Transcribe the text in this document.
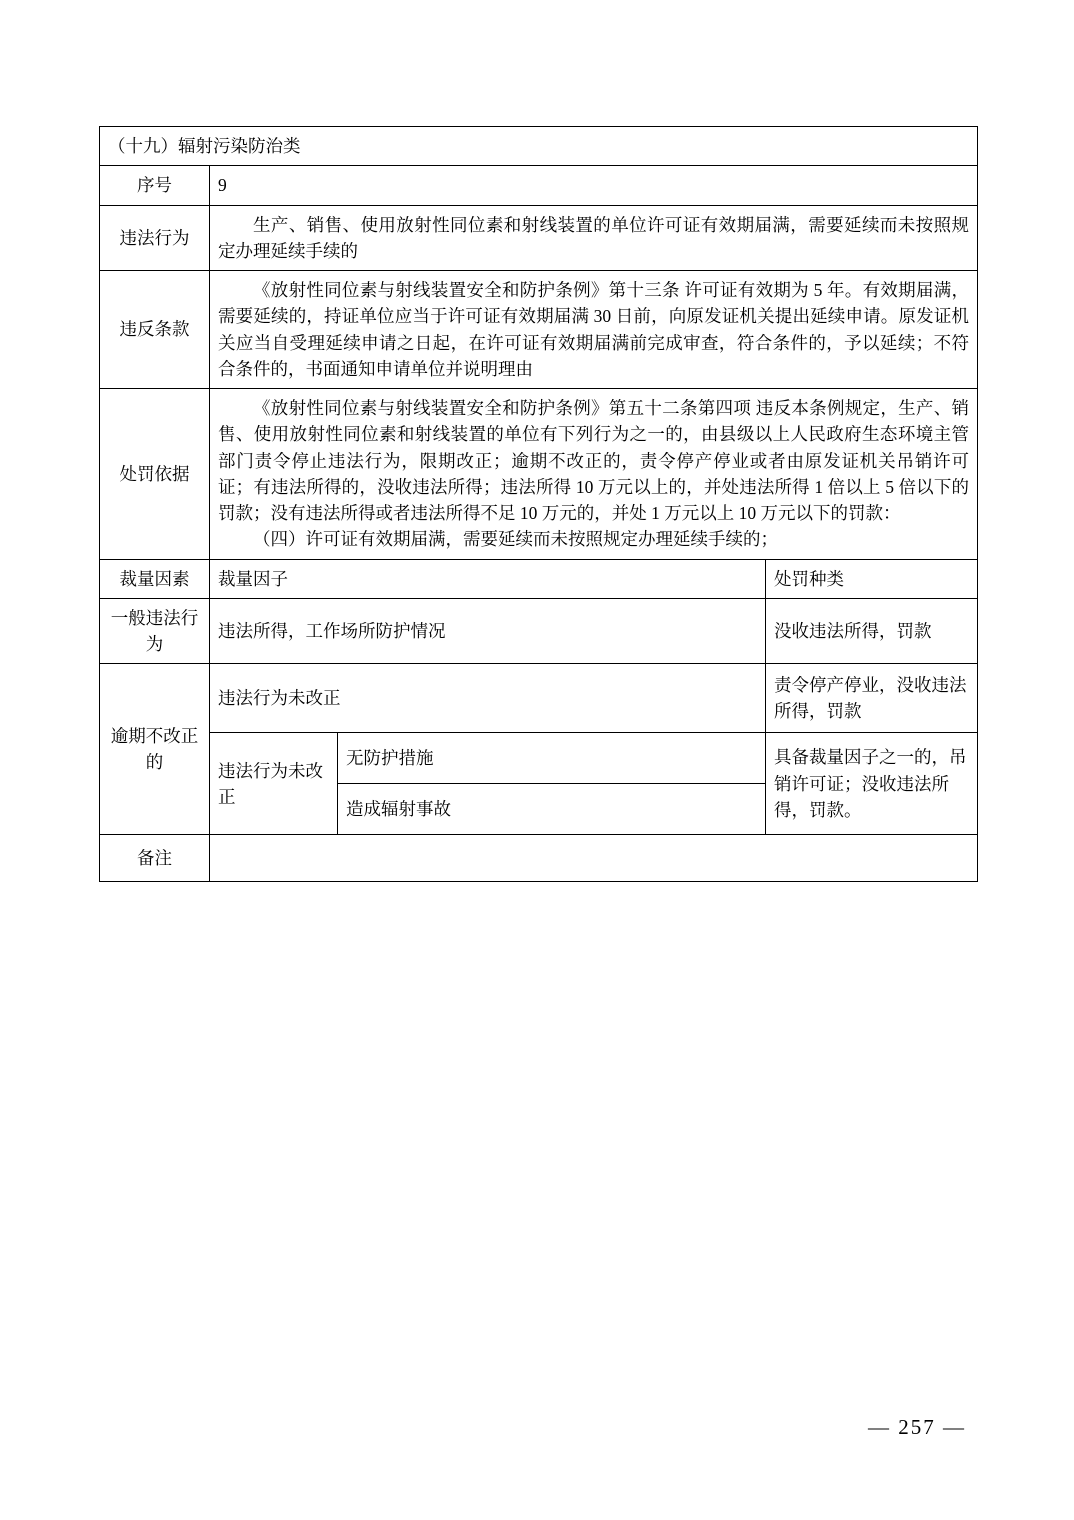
（十九）辐射污染防治类			
序号	9		
违法行为	生产、销售、使用放射性同位素和射线装置的单位许可证有效期届满，需要延续而未按照规定办理延续手续的		
违反条款	《放射性同位素与射线装置安全和防护条例》第十三条 许可证有效期为 5 年。有效期届满，需要延续的，持证单位应当于许可证有效期届满 30 日前，向原发证机关提出延续申请。原发证机关应当自受理延续申请之日起，在许可证有效期届满前完成审查，符合条件的，予以延续；不符合条件的，书面通知申请单位并说明理由		
处罚依据	《放射性同位素与射线装置安全和防护条例》第五十二条第四项 违反本条例规定，生产、销售、使用放射性同位素和射线装置的单位有下列行为之一的，由县级以上人民政府生态环境主管部门责令停止违法行为，限期改正；逾期不改正的，责令停产停业或者由原发证机关吊销许可证；有违法所得的，没收违法所得；违法所得 10 万元以上的，并处违法所得 1 倍以上 5 倍以下的罚款；没有违法所得或者违法所得不足 10 万元的，并处 1 万元以上 10 万元以下的罚款：
（四）许可证有效期届满，需要延续而未按照规定办理延续手续的；		

裁量因素	裁量因子		处罚种类
一般违法行为	违法所得，工作场所防护情况		没收违法所得，罚款
逾期不改正的	违法行为未改正		责令停产停业，没收违法所得，罚款
	违法行为未改正	无防护措施	具备裁量因子之一的，吊销许可证；没收违法所得，罚款。
		造成辐射事故	
备注			
— 257 —
